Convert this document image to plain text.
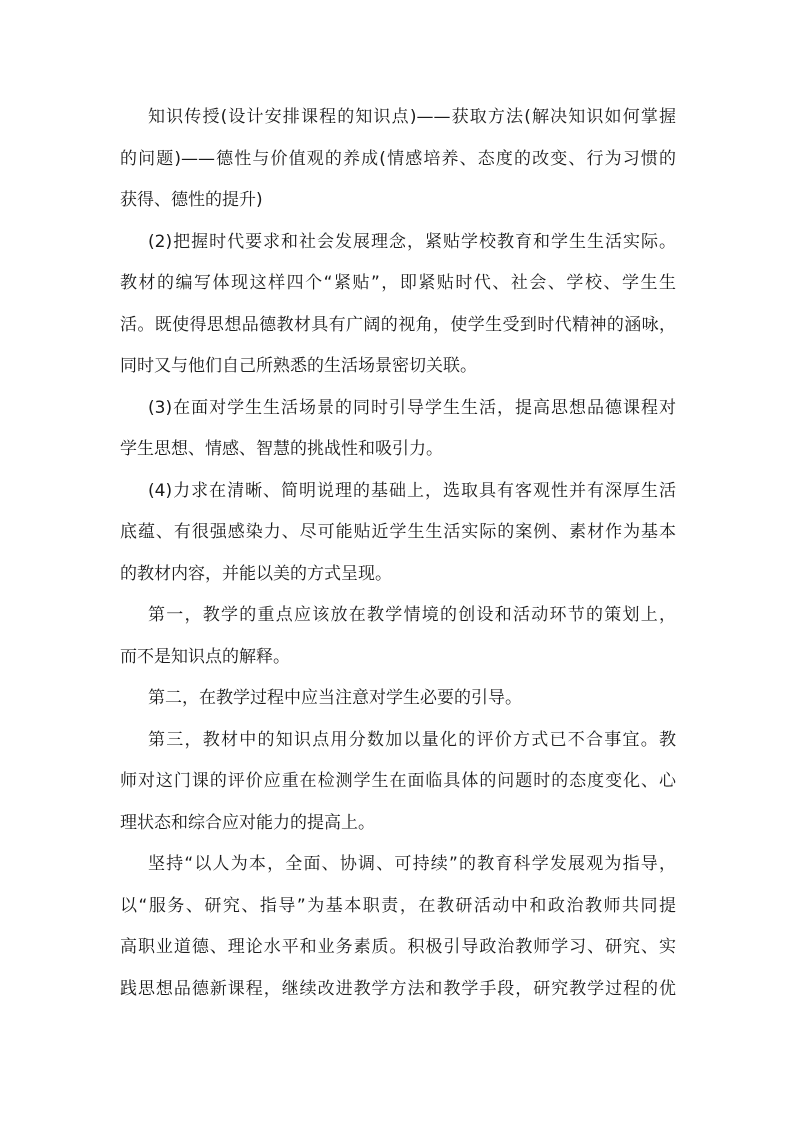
知识传授(设计安排课程的知识点)——获取方法(解决知识如何掌握
的问题)——德性与价值观的养成(情感培养、态度的改变、行为习惯的
获得、德性的提升)
(2)把握时代要求和社会发展理念，紧贴学校教育和学生生活实际。
教材的编写体现这样四个“紧贴”，即紧贴时代、社会、学校、学生生
活。既使得思想品德教材具有广阔的视角，使学生受到时代精神的涵咏，
同时又与他们自己所熟悉的生活场景密切关联。
(3)在面对学生生活场景的同时引导学生生活，提高思想品德课程对
学生思想、情感、智慧的挑战性和吸引力。
(4)力求在清晰、简明说理的基础上，选取具有客观性并有深厚生活
底蕴、有很强感染力、尽可能贴近学生生活实际的案例、素材作为基本
的教材内容，并能以美的方式呈现。
第一，教学的重点应该放在教学情境的创设和活动环节的策划上，
而不是知识点的解释。
第二，在教学过程中应当注意对学生必要的引导。
第三，教材中的知识点用分数加以量化的评价方式已不合事宜。教
师对这门课的评价应重在检测学生在面临具体的问题时的态度变化、心
理状态和综合应对能力的提高上。
坚持“以人为本，全面、协调、可持续”的教育科学发展观为指导，
以“服务、研究、指导”为基本职责，在教研活动中和政治教师共同提
高职业道德、理论水平和业务素质。积极引导政治教师学习、研究、实
践思想品德新课程，继续改进教学方法和教学手段，研究教学过程的优
